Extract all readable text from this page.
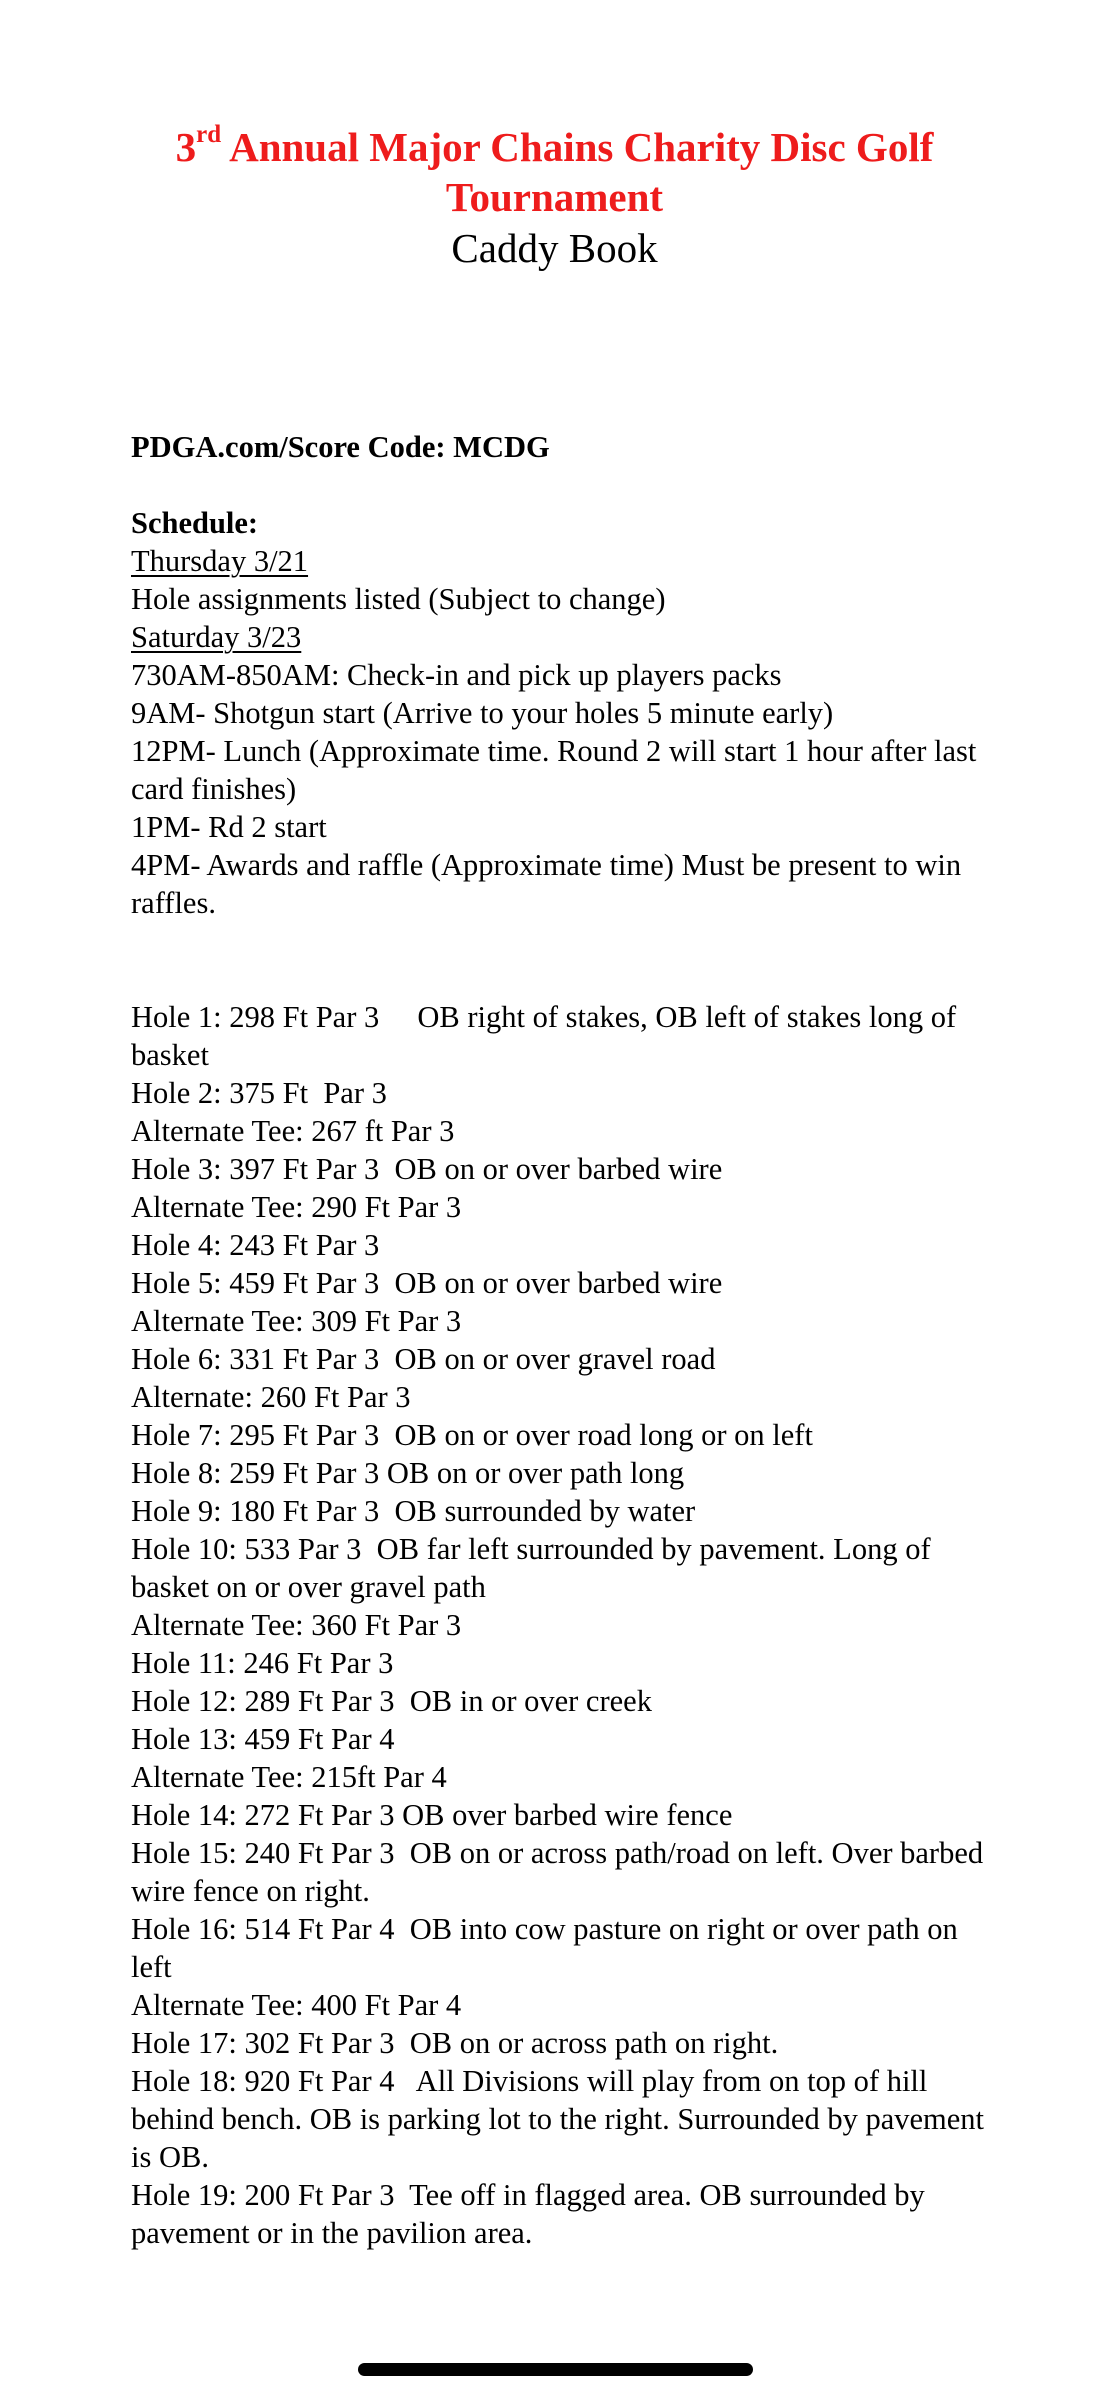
3rd Annual Major Chains Charity Disc Golf
Tournament
Caddy Book
PDGA.com/Score Code: MCDG
Schedule:
Thursday 3/21
Hole assignments listed (Subject to change)
Saturday 3/23
730AM-850AM: Check-in and pick up players packs
9AM- Shotgun start (Arrive to your holes 5 minute early)
12PM- Lunch (Approximate time. Round 2 will start 1 hour after last card finishes)
1PM- Rd 2 start
4PM- Awards and raffle (Approximate time) Must be present to win raffles.
Hole 1: 298 Ft Par 3     OB right of stakes, OB left of stakes long of basket
Hole 2: 375 Ft  Par 3
Alternate Tee: 267 ft Par 3
Hole 3: 397 Ft Par 3  OB on or over barbed wire
Alternate Tee: 290 Ft Par 3
Hole 4: 243 Ft Par 3
Hole 5: 459 Ft Par 3  OB on or over barbed wire
Alternate Tee: 309 Ft Par 3
Hole 6: 331 Ft Par 3  OB on or over gravel road
Alternate: 260 Ft Par 3
Hole 7: 295 Ft Par 3  OB on or over road long or on left
Hole 8: 259 Ft Par 3 OB on or over path long
Hole 9: 180 Ft Par 3  OB surrounded by water
Hole 10: 533 Par 3  OB far left surrounded by pavement. Long of basket on or over gravel path
Alternate Tee: 360 Ft Par 3
Hole 11: 246 Ft Par 3
Hole 12: 289 Ft Par 3  OB in or over creek
Hole 13: 459 Ft Par 4
Alternate Tee: 215ft Par 4
Hole 14: 272 Ft Par 3 OB over barbed wire fence
Hole 15: 240 Ft Par 3  OB on or across path/road on left. Over barbed wire fence on right.
Hole 16: 514 Ft Par 4  OB into cow pasture on right or over path on left
Alternate Tee: 400 Ft Par 4
Hole 17: 302 Ft Par 3  OB on or across path on right.
Hole 18: 920 Ft Par 4   All Divisions will play from on top of hill behind bench. OB is parking lot to the right. Surrounded by pavement is OB.
Hole 19: 200 Ft Par 3  Tee off in flagged area. OB surrounded by pavement or in the pavilion area.
